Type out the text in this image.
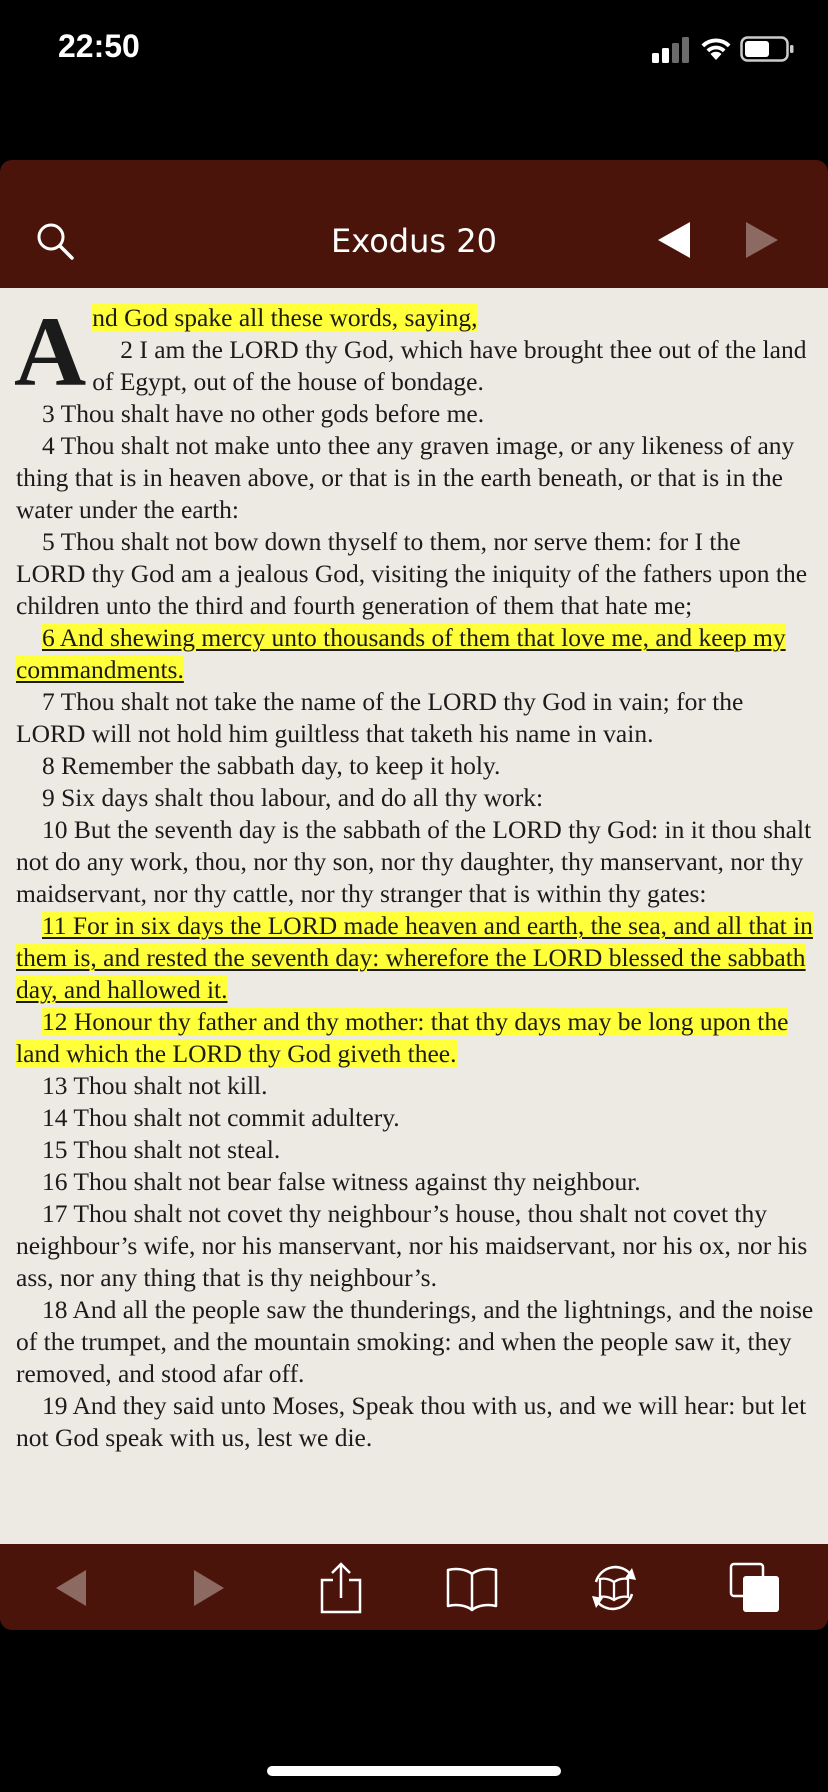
22:50
Exodus 20
A nd God spake all these words, saying,
2 I am the LORD thy God, which have brought thee out of the land of Egypt, out of the house of bondage.
3 Thou shalt have no other gods before me.
4 Thou shalt not make unto thee any graven image, or any likeness of any thing that is in heaven above, or that is in the earth beneath, or that is in the water under the earth:
5 Thou shalt not bow down thyself to them, nor serve them: for I the LORD thy God am a jealous God, visiting the iniquity of the fathers upon the children unto the third and fourth generation of them that hate me;
6 And shewing mercy unto thousands of them that love me, and keep my commandments.
7 Thou shalt not take the name of the LORD thy God in vain; for the LORD will not hold him guiltless that taketh his name in vain.
8 Remember the sabbath day, to keep it holy.
9 Six days shalt thou labour, and do all thy work:
10 But the seventh day is the sabbath of the LORD thy God: in it thou shalt not do any work, thou, nor thy son, nor thy daughter, thy manservant, nor thy maidservant, nor thy cattle, nor thy stranger that is within thy gates:
11 For in six days the LORD made heaven and earth, the sea, and all that in them is, and rested the seventh day: wherefore the LORD blessed the sabbath day, and hallowed it.
12 Honour thy father and thy mother: that thy days may be long upon the land which the LORD thy God giveth thee.
13 Thou shalt not kill.
14 Thou shalt not commit adultery.
15 Thou shalt not steal.
16 Thou shalt not bear false witness against thy neighbour.
17 Thou shalt not covet thy neighbour’s house, thou shalt not covet thy neighbour’s wife, nor his manservant, nor his maidservant, nor his ox, nor his ass, nor any thing that is thy neighbour’s.
18 And all the people saw the thunderings, and the lightnings, and the noise of the trumpet, and the mountain smoking: and when the people saw it, they removed, and stood afar off.
19 And they said unto Moses, Speak thou with us, and we will hear: but let not God speak with us, lest we die.
